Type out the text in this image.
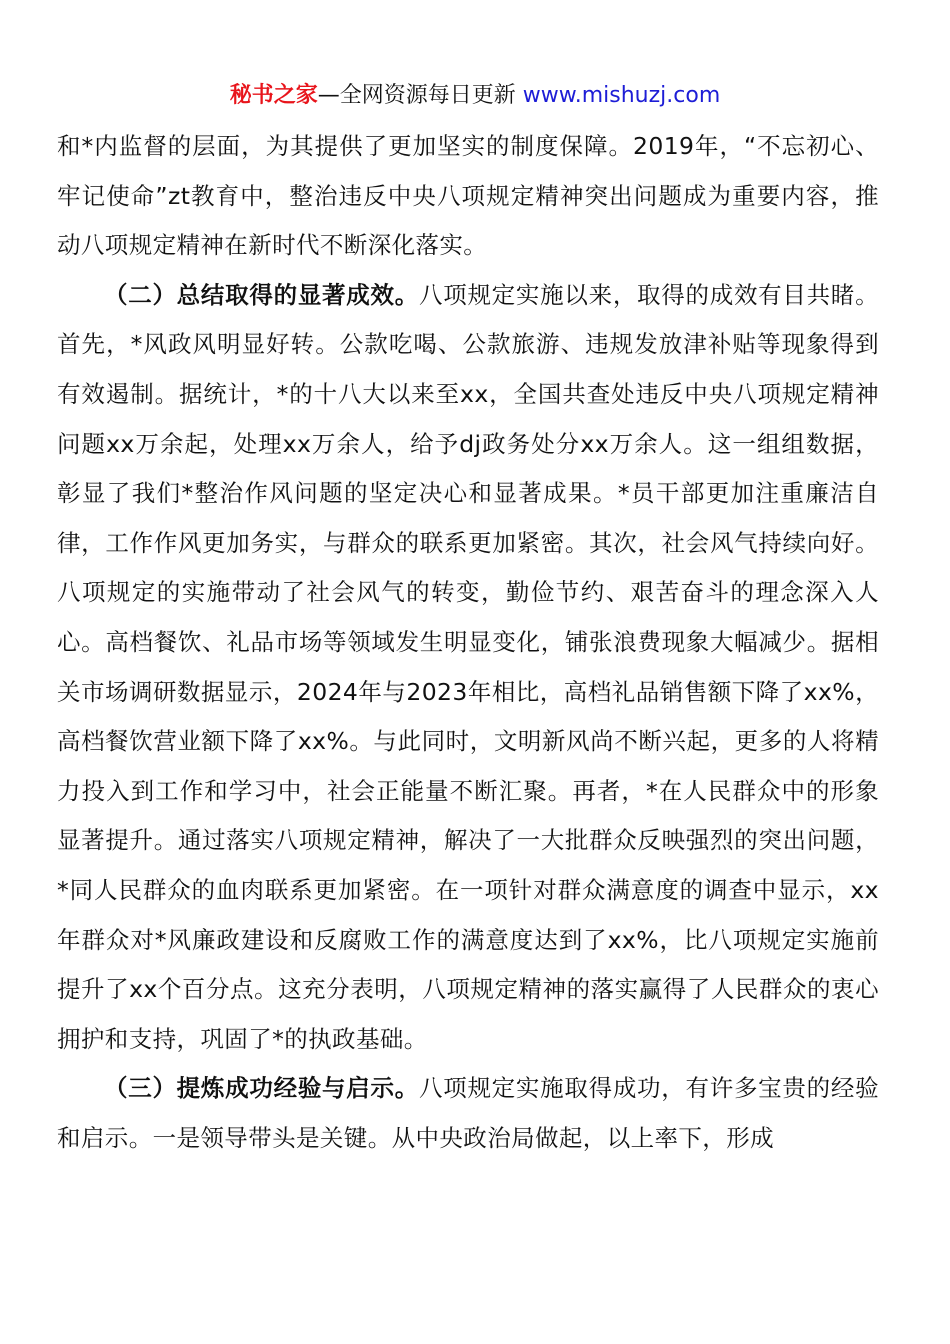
秘书之家—全网资源每日更新 www.mishuzj.com

和*内监督的层面，为其提供了更加坚实的制度保障。2019年，“不忘初心、牢记使命”zt教育中，整治违反中央八项规定精神突出问题成为重要内容，推动八项规定精神在新时代不断深化落实。

（二）总结取得的显著成效。八项规定实施以来，取得的成效有目共睹。首先，*风政风明显好转。公款吃喝、公款旅游、违规发放津补贴等现象得到有效遏制。据统计，*的十八大以来至xx，全国共查处违反中央八项规定精神问题xx万余起，处理xx万余人，给予dj政务处分xx万余人。这一组组数据，彰显了我们*整治作风问题的坚定决心和显著成果。*员干部更加注重廉洁自律，工作作风更加务实，与群众的联系更加紧密。其次，社会风气持续向好。八项规定的实施带动了社会风气的转变，勤俭节约、艰苦奋斗的理念深入人心。高档餐饮、礼品市场等领域发生明显变化，铺张浪费现象大幅减少。据相关市场调研数据显示，2024年与2023年相比，高档礼品销售额下降了xx%，高档餐饮营业额下降了xx%。与此同时，文明新风尚不断兴起，更多的人将精力投入到工作和学习中，社会正能量不断汇聚。再者，*在人民群众中的形象显著提升。通过落实八项规定精神，解决了一大批群众反映强烈的突出问题，*同人民群众的血肉联系更加紧密。在一项针对群众满意度的调查中显示，xx年群众对*风廉政建设和反腐败工作的满意度达到了xx%，比八项规定实施前提升了xx个百分点。这充分表明，八项规定精神的落实赢得了人民群众的衷心拥护和支持，巩固了*的执政基础。

（三）提炼成功经验与启示。八项规定实施取得成功，有许多宝贵的经验和启示。一是领导带头是关键。从中央政治局做起，以上率下，形成
